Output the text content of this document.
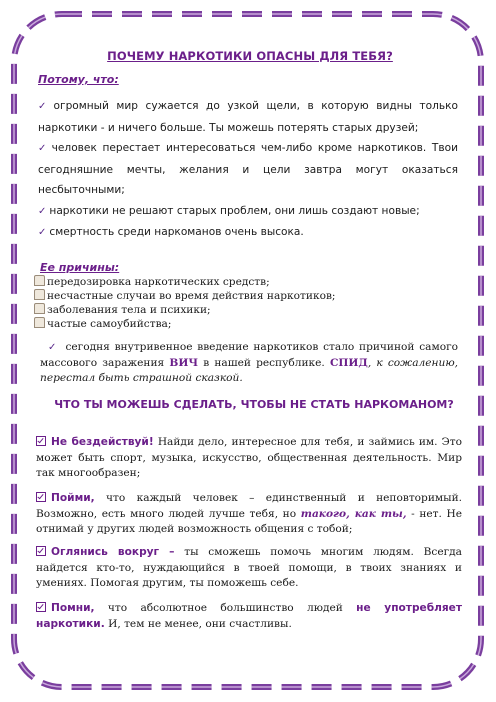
ПОЧЕМУ НАРКОТИКИ ОПАСНЫ ДЛЯ ТЕБЯ?
Потому, что:
✓ огромный мир сужается до узкой щели, в которую видны только наркотики - и ничего больше. Ты можешь потерять старых друзей;
✓ человек перестает интересоваться чем-либо кроме наркотиков. Твои сегодняшние мечты, желания и цели завтра могут оказаться несбыточными;
✓ наркотики не решают старых проблем, они лишь создают новые;
✓ смертность среди наркоманов очень высока.
Ее причины:
передозировка наркотических средств;
несчастные случаи во время действия наркотиков;
заболевания тела и психики;
частые самоубийства;
✓ сегодня внутривенное введение наркотиков стало причиной самого массового заражения ВИЧ в нашей республике. СПИД, к сожалению, перестал быть страшной сказкой.
ЧТО ТЫ МОЖЕШЬ СДЕЛАТЬ, ЧТОБЫ НЕ СТАТЬ НАРКОМАНОМ?
Не бездействуй! Найди дело, интересное для тебя, и займись им. Это может быть спорт, музыка, искусство, общественная деятельность. Мир так многообразен;
Пойми, что каждый человек – единственный и неповторимый. Возможно, есть много людей лучше тебя, но такого, как ты, - нет. Не отнимай у других людей возможность общения с тобой;
Оглянись вокруг – ты сможешь помочь многим людям. Всегда найдется кто-то, нуждающийся в твоей помощи, в твоих знаниях и умениях. Помогая другим, ты поможешь себе.
Помни, что абсолютное большинство людей не употребляет наркотики. И, тем не менее, они счастливы.
